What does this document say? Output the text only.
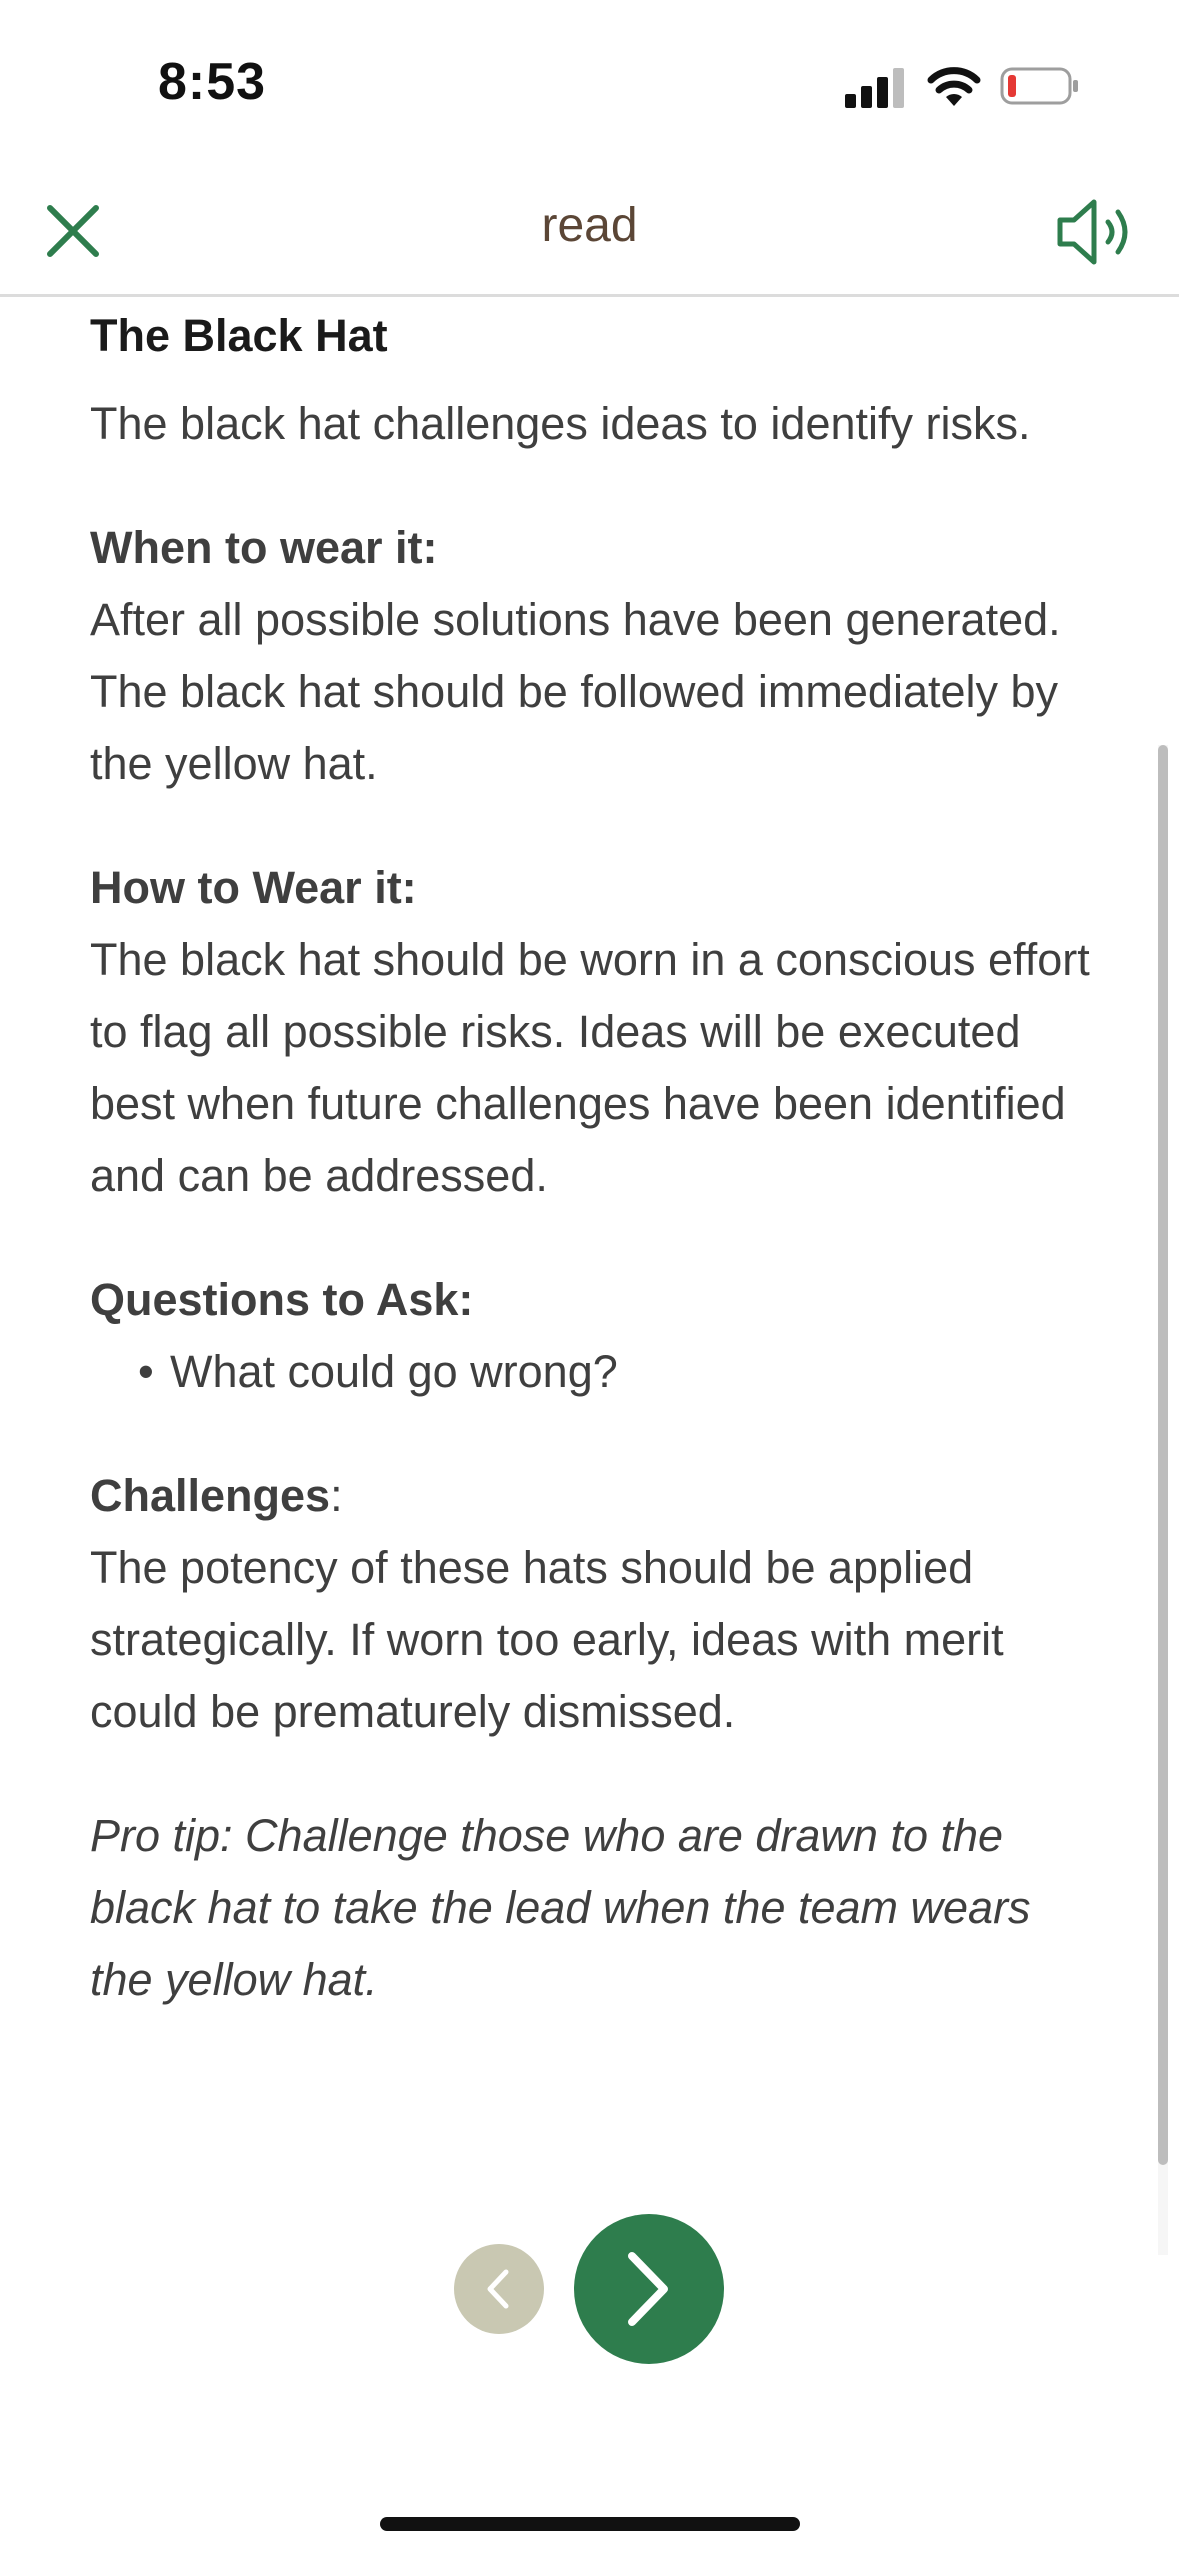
8:53
read
The Black Hat

The black hat challenges ideas to identify risks.

When to wear it:
After all possible solutions have been generated. The black hat should be followed immediately by the yellow hat.
How to Wear it:
The black hat should be worn in a conscious effort to flag all possible risks. Ideas will be executed best when future challenges have been identified and can be addressed.
Questions to Ask:
• What could go wrong?
Challenges:
The potency of these hats should be applied strategically. If worn too early, ideas with merit could be prematurely dismissed.
Pro tip: Challenge those who are drawn to the black hat to take the lead when the team wears the yellow hat.
